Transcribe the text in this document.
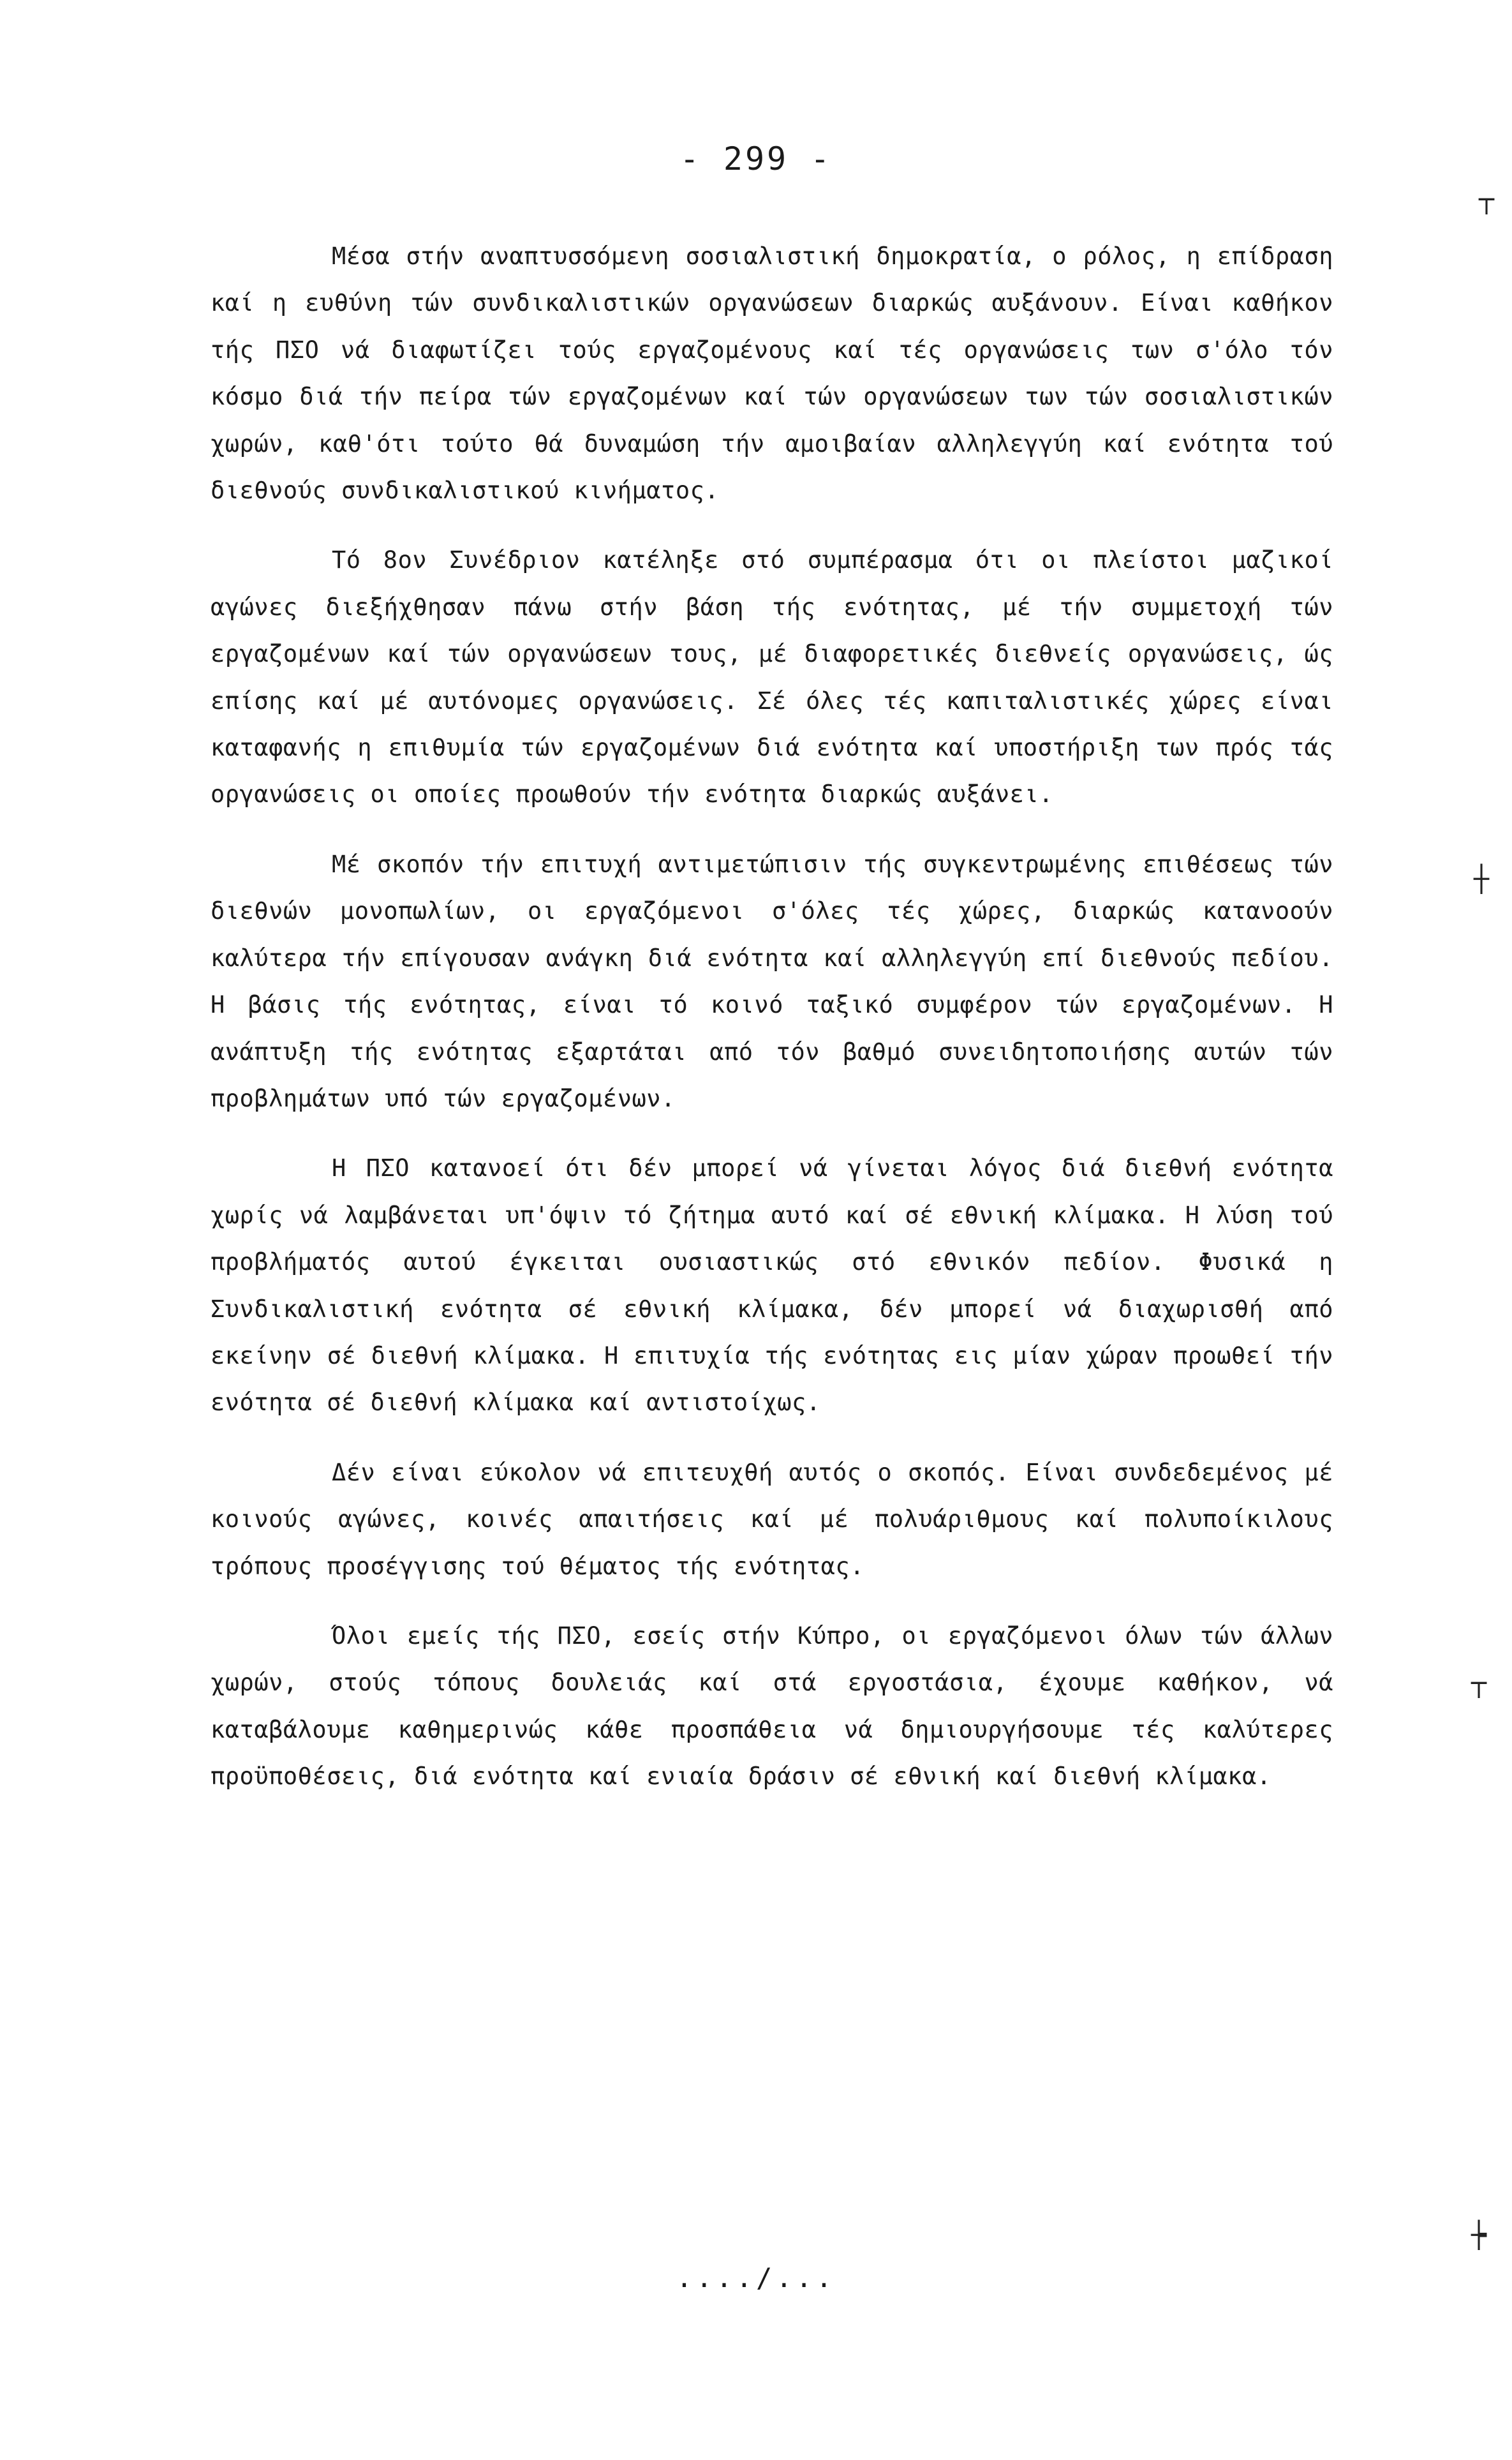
- 299 -

Μέσα στήν αναπτυσσόμενη σοσιαλιστική δημοκρατία, ο ρόλος, η επίδραση καί η ευθύνη τών συνδικαλιστικών οργανώσεων διαρκώς αυξάνουν. Είναι καθήκον τής ΠΣΟ νά διαφωτίζει τούς εργαζομένους καί τές οργανώσεις των σ'όλο τόν κόσμο διά τήν πείρα τών εργαζομένων καί τών οργανώσεων των τών σοσιαλιστικών χωρών, καθ'ότι τούτο θά δυναμώση τήν αμοιβαίαν αλληλεγγύη καί ενότητα τού διεθνούς συνδικαλιστικού κινήματος.

Τό 8ον Συνέδριον κατέληξε στό συμπέρασμα ότι οι πλείστοι μαζικοί αγώνες διεξήχθησαν πάνω στήν βάση τής ενότητας, μέ τήν συμμετοχή τών εργαζομένων καί τών οργανώσεων τους, μέ διαφορετικές διεθνείς οργανώσεις, ώς επίσης καί μέ αυτόνομες οργανώσεις. Σέ όλες τές καπιταλιστικές χώρες είναι καταφανής η επιθυμία τών εργαζομένων διά ενότητα καί υποστήριξη των πρός τάς οργανώσεις οι οποίες προωθούν τήν ενότητα διαρκώς αυξάνει.

Μέ σκοπόν τήν επιτυχή αντιμετώπισιν τής συγκεντρωμένης επιθέσεως τών διεθνών μονοπωλίων, οι εργαζόμενοι σ'όλες τές χώρες, διαρκώς κατανοούν καλύτερα τήν επίγουσαν ανάγκη διά ενότητα καί αλληλεγγύη επί διεθνούς πεδίου. Η βάσις τής ενότητας, είναι τό κοινό ταξικό συμφέρον τών εργαζομένων. Η ανάπτυξη τής ενότητας εξαρτάται από τόν βαθμό συνειδητοποιήσης αυτών τών προβλημάτων υπό τών εργαζομένων.

Η ΠΣΟ κατανοεί ότι δέν μπορεί νά γίνεται λόγος διά διεθνή ενότητα χωρίς νά λαμβάνεται υπ'όψιν τό ζήτημα αυτό καί σέ εθνική κλίμακα. Η λύση τού προβλήματός αυτού έγκειται ουσιαστικώς στό εθνικόν πεδίον. Φυσικά η Συνδικαλιστική ενότητα σέ εθνική κλίμακα, δέν μπορεί νά διαχωρισθή από εκείνην σέ διεθνή κλίμακα. Η επιτυχία τής ενότητας εις μίαν χώραν προωθεί τήν ενότητα σέ διεθνή κλίμακα καί αντιστοίχως.

Δέν είναι εύκολον νά επιτευχθή αυτός ο σκοπός. Είναι συνδεδεμένος μέ κοινούς αγώνες, κοινές απαιτήσεις καί μέ πολυάριθμους καί πολυποίκιλους τρόπους προσέγγισης τού θέματος τής ενότητας.

Όλοι εμείς τής ΠΣΟ, εσείς στήν Κύπρο, οι εργαζόμενοι όλων τών άλλων χωρών, στούς τόπους δουλειάς καί στά εργοστάσια, έχουμε καθήκον, νά καταβάλουμε καθημερινώς κάθε προσπάθεια νά δημιουργήσουμε τές καλύτερες προϋποθέσεις, διά ενότητα καί ενιαία δράσιν σέ εθνική καί διεθνή κλίμακα.

..../...
┬
┼
┬
┾
